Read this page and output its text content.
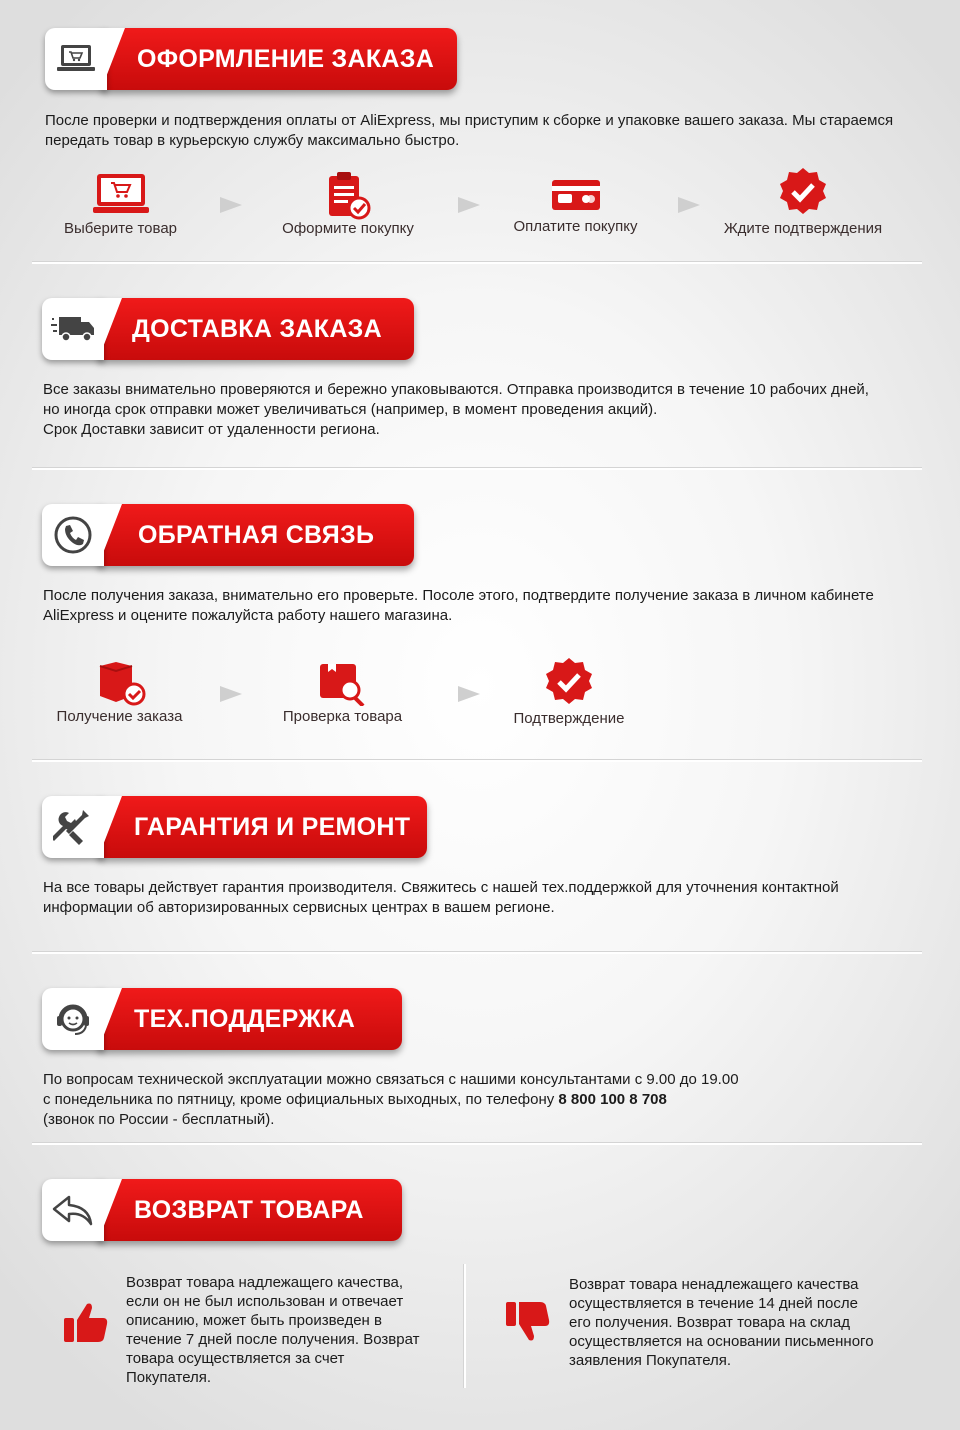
ОФОРМЛЕНИЕ ЗАКАЗА
После проверки и подтверждения оплаты от AliExpress, мы приступим к сборке и упаковке вашего заказа. Мы стараемся передать товар в курьерскую службу максимально быстро.
Выберите товар	Оформите покупку	Оплатите покупку	Ждите подтверждения
ДОСТАВКА ЗАКАЗА

Все заказы внимательно проверяются и бережно упаковываются. Отправка производится в течение 10 рабочих дней,

но иногда срок отправки может увеличиваться (например, в момент проведения акций).

Срок Доставки зависит от удаленности региона.

ОБРАТНАЯ СВЯЗЬ
После получения заказа, внимательно его проверьте. Посоле этого, подтвердите получение заказа в личном кабинете AliExpress и оцените пожалуйста работу нашего магазина.
Получение заказа	Проверка товара	Подтверждение
ГАРАНТИЯ И РЕМОНТ
На все товары действует гарантия производителя. Свяжитесь с нашей тех.поддержкой для уточнения контактной информации об авторизированных сервисных центрах в вашем регионе.
ТЕХ.ПОДДЕРЖКА

По вопросам технической эксплуатации можно связаться с нашими консультантами с 9.00 до 19.00

с понедельника по пятницу, кроме официальных выходных, по телефону 8 800 100 8 708

(звонок по России - бесплатный).

ВОЗВРАТ ТОВАРА
Возврат товара надлежащего качества, если он не был использован и отвечает описанию, может быть произведен в течение 7 дней после получения. Возврат товара осуществляется за счет Покупателя.
Возврат товара ненадлежащего качества осуществляется в течение 14 дней после его получения. Возврат товара на склад осуществляется на основании письменного заявления Покупателя.
